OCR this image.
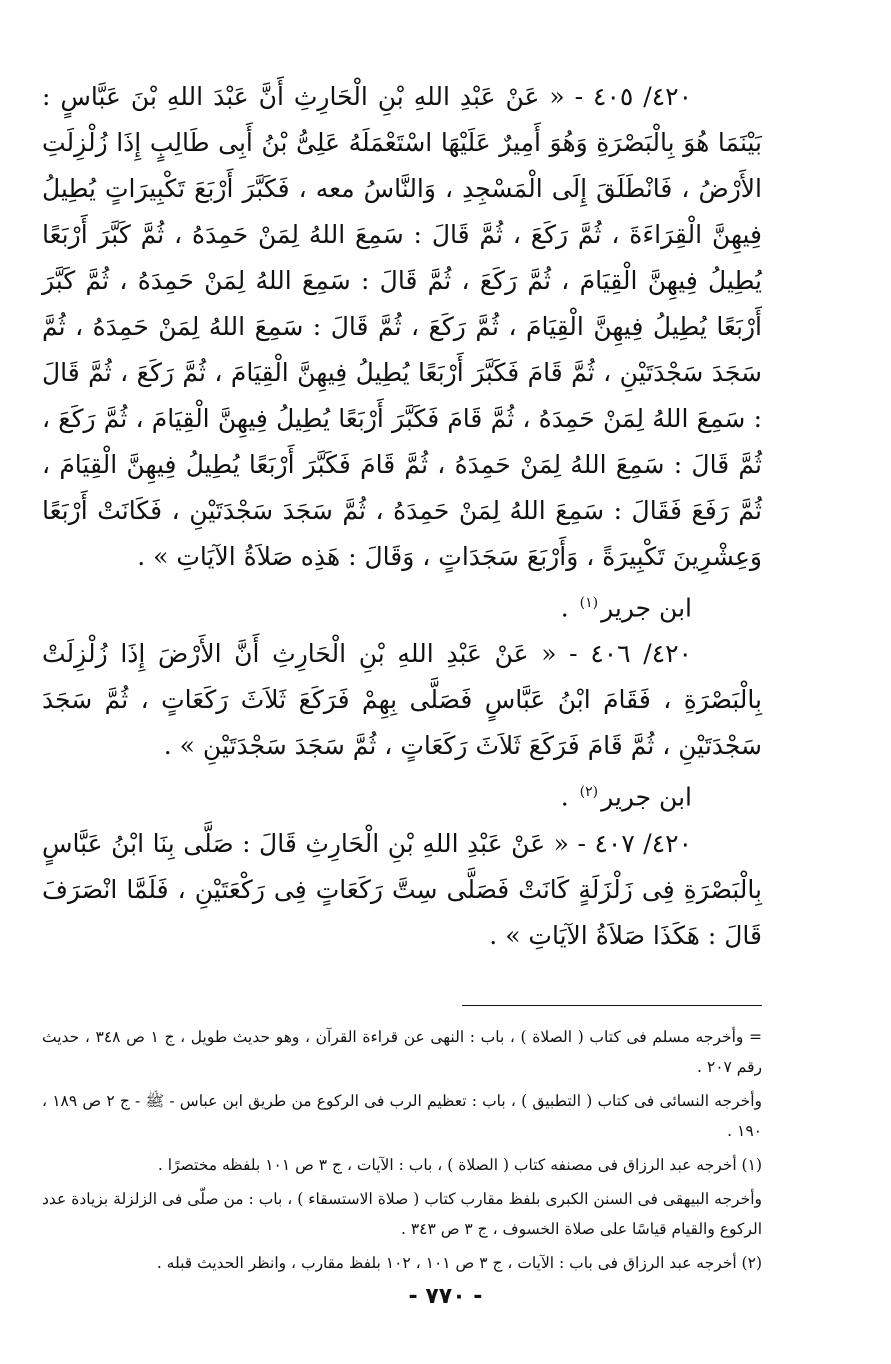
٤٢٠/ ٤٠٥ - « عَنْ عَبْدِ اللهِ بْنِ الْحَارِثِ أَنَّ عَبْدَ اللهِ بْنَ عَبَّاسٍ : بَيْنَمَا هُوَ بِالْبَصْرَةِ وَهُوَ أَمِيرٌ عَلَيْهَا اسْتَعْمَلَهُ عَلِىُّ بْنُ أَبِى طَالِبٍ إِذَا زُلْزِلَتِ الأَرْضُ ، فَانْطَلَقَ إِلَى الْمَسْجِدِ ، وَالنَّاسُ معه ، فَكَبَّرَ أَرْبَعَ تَكْبِيرَاتٍ يُطِيلُ فِيهِنَّ الْقِرَاءَةَ ، ثُمَّ رَكَعَ ، ثُمَّ قَالَ : سَمِعَ اللهُ لِمَنْ حَمِدَهُ ، ثُمَّ كَبَّرَ أَرْبَعًا يُطِيلُ فِيهِنَّ الْقِيَامَ ، ثُمَّ رَكَعَ ، ثُمَّ قَالَ : سَمِعَ اللهُ لِمَنْ حَمِدَهُ ، ثُمَّ كَبَّرَ أَرْبَعًا يُطِيلُ فِيهِنَّ الْقِيَامَ ، ثُمَّ رَكَعَ ، ثُمَّ قَالَ : سَمِعَ اللهُ لِمَنْ حَمِدَهُ ، ثُمَّ سَجَدَ سَجْدَتَيْنِ ، ثُمَّ قَامَ فَكَبَّرَ أَرْبَعًا يُطِيلُ فِيهِنَّ الْقِيَامَ ، ثُمَّ رَكَعَ ، ثُمَّ قَالَ : سَمِعَ اللهُ لِمَنْ حَمِدَهُ ، ثُمَّ قَامَ فَكَبَّرَ أَرْبَعًا يُطِيلُ فِيهِنَّ الْقِيَامَ ، ثُمَّ رَكَعَ ، ثُمَّ قَالَ : سَمِعَ اللهُ لِمَنْ حَمِدَهُ ، ثُمَّ قَامَ فَكَبَّرَ أَرْبَعًا يُطِيلُ فِيهِنَّ الْقِيَامَ ، ثُمَّ رَفَعَ فَقَالَ : سَمِعَ اللهُ لِمَنْ حَمِدَهُ ، ثُمَّ سَجَدَ سَجْدَتَيْنِ ، فَكَانَتْ أَرْبَعًا وَعِشْرِينَ تَكْبِيرَةً ، وَأَرْبَعَ سَجَدَاتٍ ، وَقَالَ : هَذِه صَلاَةُ الآيَاتِ » .

ابن جرير$^{(١)}$ .

٤٢٠/ ٤٠٦ - « عَنْ عَبْدِ اللهِ بْنِ الْحَارِثِ أَنَّ الأَرْضَ إِذَا زُلْزِلَتْ بِالْبَصْرَةِ ، فَقَامَ ابْنُ عَبَّاسٍ فَصَلَّى بِهِمْ فَرَكَعَ ثَلاَثَ رَكَعَاتٍ ، ثُمَّ سَجَدَ سَجْدَتَيْنِ ، ثُمَّ قَامَ فَرَكَعَ ثَلاَثَ رَكَعَاتٍ ، ثُمَّ سَجَدَ سَجْدَتَيْنِ » .

ابن جرير$^{(٢)}$ .

٤٢٠/ ٤٠٧ - « عَنْ عَبْدِ اللهِ بْنِ الْحَارِثِ قَالَ : صَلَّى بِنَا ابْنُ عَبَّاسٍ بِالْبَصْرَةِ فِى زَلْزَلَةٍ كَانَتْ فَصَلَّى سِتَّ رَكَعَاتٍ فِى رَكْعَتَيْنِ ، فَلَمَّا انْصَرَفَ قَالَ : هَكَذَا صَلاَةُ الآيَاتِ » .

= وأخرجه مسلم فى كتاب ( الصلاة ) ، باب : النهى عن قراءة القرآن ، وهو حديث طويل ، ج ١ ص ٣٤٨ ، حديث رقم ٢٠٧ .

وأخرجه النسائى فى كتاب ( التطبيق ) ، باب : تعظيم الرب فى الركوع من طريق ابن عباس - ﷺ - ج ٢ ص ١٨٩ ، ١٩٠ .

(١) أخرجه عبد الرزاق فى مصنفه كتاب ( الصلاة ) ، باب : الآيات ، ج ٣ ص ١٠١ بلفظه مختصرًا .

وأخرجه البيهقى فى السنن الكبرى بلفظ مقارب كتاب ( صلاة الاستسقاء ) ، باب : من صلّى فى الزلزلة بزيادة عدد الركوع والقيام قياسًا على صلاة الخسوف ، ج ٣ ص ٣٤٣ .

(٢) أخرجه عبد الرزاق فى باب : الآيات ، ج ٣ ص ١٠١ ، ١٠٢ بلفظ مقارب ، وانظر الحديث قبله .

- ٧٧٠ -
